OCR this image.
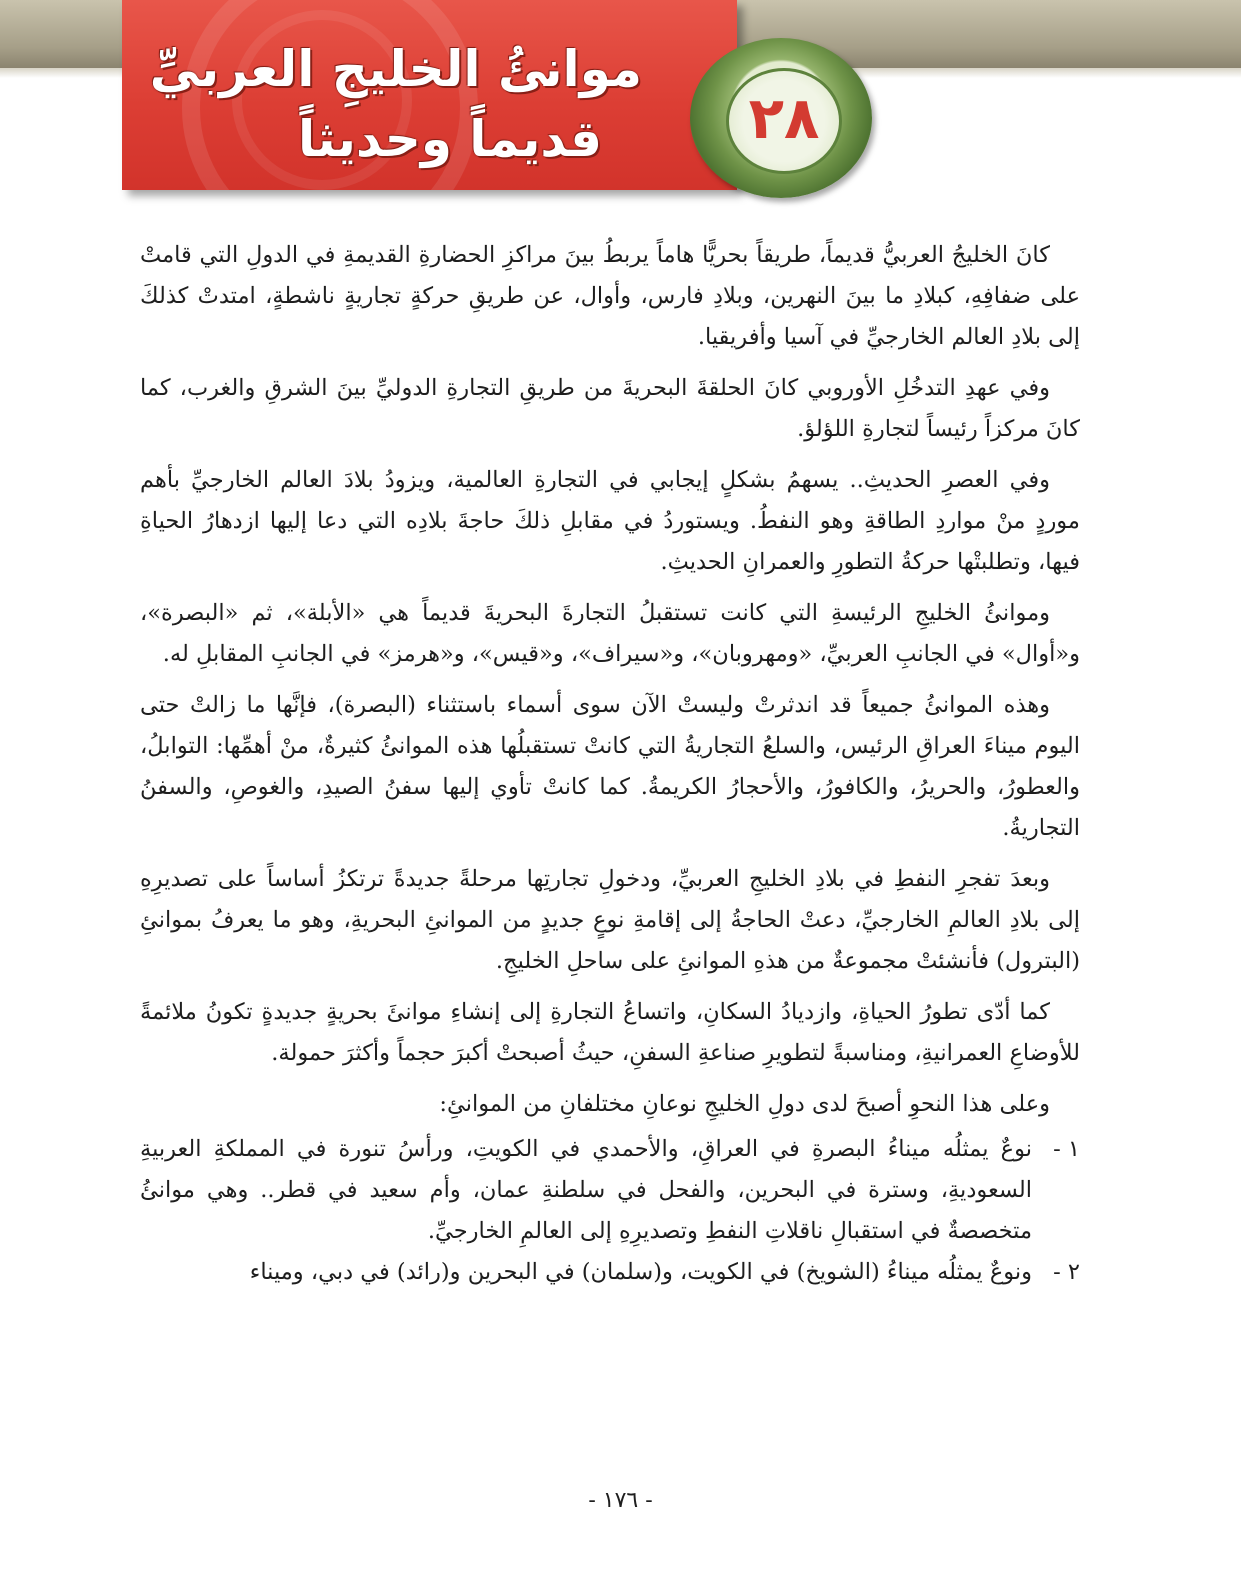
موانئُ الخليجِ العربيِّ
قديماً وحديثاً	٢٨

كانَ الخليجُ العربيُّ قديماً، طريقاً بحريًّا هاماً يربطُ بينَ مراكزِ الحضارةِ القديمةِ في الدولِ التي قامتْ على ضفافِهِ، كبلادِ ما بينَ النهرين، وبلادِ فارس، وأوال، عن طريقِ حركةٍ تجاريةٍ ناشطةٍ، امتدتْ كذلكَ إلى بلادِ العالم الخارجيِّ في آسيا وأفريقيا.

وفي عهدِ التدخُلِ الأوروبي كانَ الحلقةَ البحريةَ من طريقِ التجارةِ الدوليِّ بينَ الشرقِ والغرب، كما كانَ مركزاً رئيساً لتجارةِ اللؤلؤ.

وفي العصرِ الحديثِ.. يسهمُ بشكلٍ إيجابي في التجارةِ العالمية، ويزودُ بلادَ العالم الخارجيِّ بأهم موردٍ منْ مواردِ الطاقةِ وهو النفطُ. ويستوردُ في مقابلِ ذلكَ حاجةَ بلادِه التي دعا إليها ازدهارُ الحياةِ فيها، وتطلبتْها حركةُ التطورِ والعمرانِ الحديثِ.

وموانئُ الخليجِ الرئيسةِ التي كانت تستقبلُ التجارةَ البحريةَ قديماً هي «الأبلة»، ثم «البصرة»، و«أوال» في الجانبِ العربيِّ، «ومهروبان»، و«سيراف»، و«قيس»، و«هرمز» في الجانبِ المقابلِ له.

وهذه الموانئُ جميعاً قد اندثرتْ وليستْ الآن سوى أسماء باستثناء (البصرة)، فإنَّها ما زالتْ حتى اليوم ميناءَ العراقِ الرئيس، والسلعُ التجاريةُ التي كانتْ تستقبلُها هذه الموانئُ كثيرةٌ، منْ أهمِّها: التوابلُ، والعطورُ، والحريرُ، والكافورُ، والأحجارُ الكريمةُ. كما كانتْ تأوي إليها سفنُ الصيدِ، والغوصِ، والسفنُ التجاريةُ.

وبعدَ تفجرِ النفطِ في بلادِ الخليجِ العربيِّ، ودخولِ تجارتِها مرحلةً جديدةً ترتكزُ أساساً على تصديرِهِ إلى بلادِ العالمِ الخارجيِّ، دعتْ الحاجةُ إلى إقامةِ نوعٍ جديدٍ من الموانئِ البحريةِ، وهو ما يعرفُ بموانئِ (البترول) فأنشئتْ مجموعةٌ من هذهِ الموانئِ على ساحلِ الخليجِ.

كما أدّى تطورُ الحياةِ، وازديادُ السكانِ، واتساعُ التجارةِ إلى إنشاءِ موانئَ بحريةٍ جديدةٍ تكونُ ملائمةً للأوضاعِ العمرانيةِ، ومناسبةً لتطويرِ صناعةِ السفنِ، حيثُ أصبحتْ أكبرَ حجماً وأكثرَ حمولة.

وعلى هذا النحوِ أصبحَ لدى دولِ الخليجِ نوعانِ مختلفانِ من الموانئِ:

١ -
نوعٌ يمثلُه ميناءُ البصرةِ في العراقِ، والأحمدي في الكويتِ، ورأسُ تنورة في المملكةِ العربيةِ السعوديةِ، وسترة في البحرين، والفحل في سلطنةِ عمان، وأم سعيد في قطر.. وهي موانئُ متخصصةٌ في استقبالِ ناقلاتِ النفطِ وتصديرِهِ إلى العالمِ الخارجيِّ.
٢ -
ونوعٌ يمثلُه ميناءُ (الشويخ) في الكويت، و(سلمان) في البحرين و(رائد) في دبي، وميناء
- ١٧٦ -
